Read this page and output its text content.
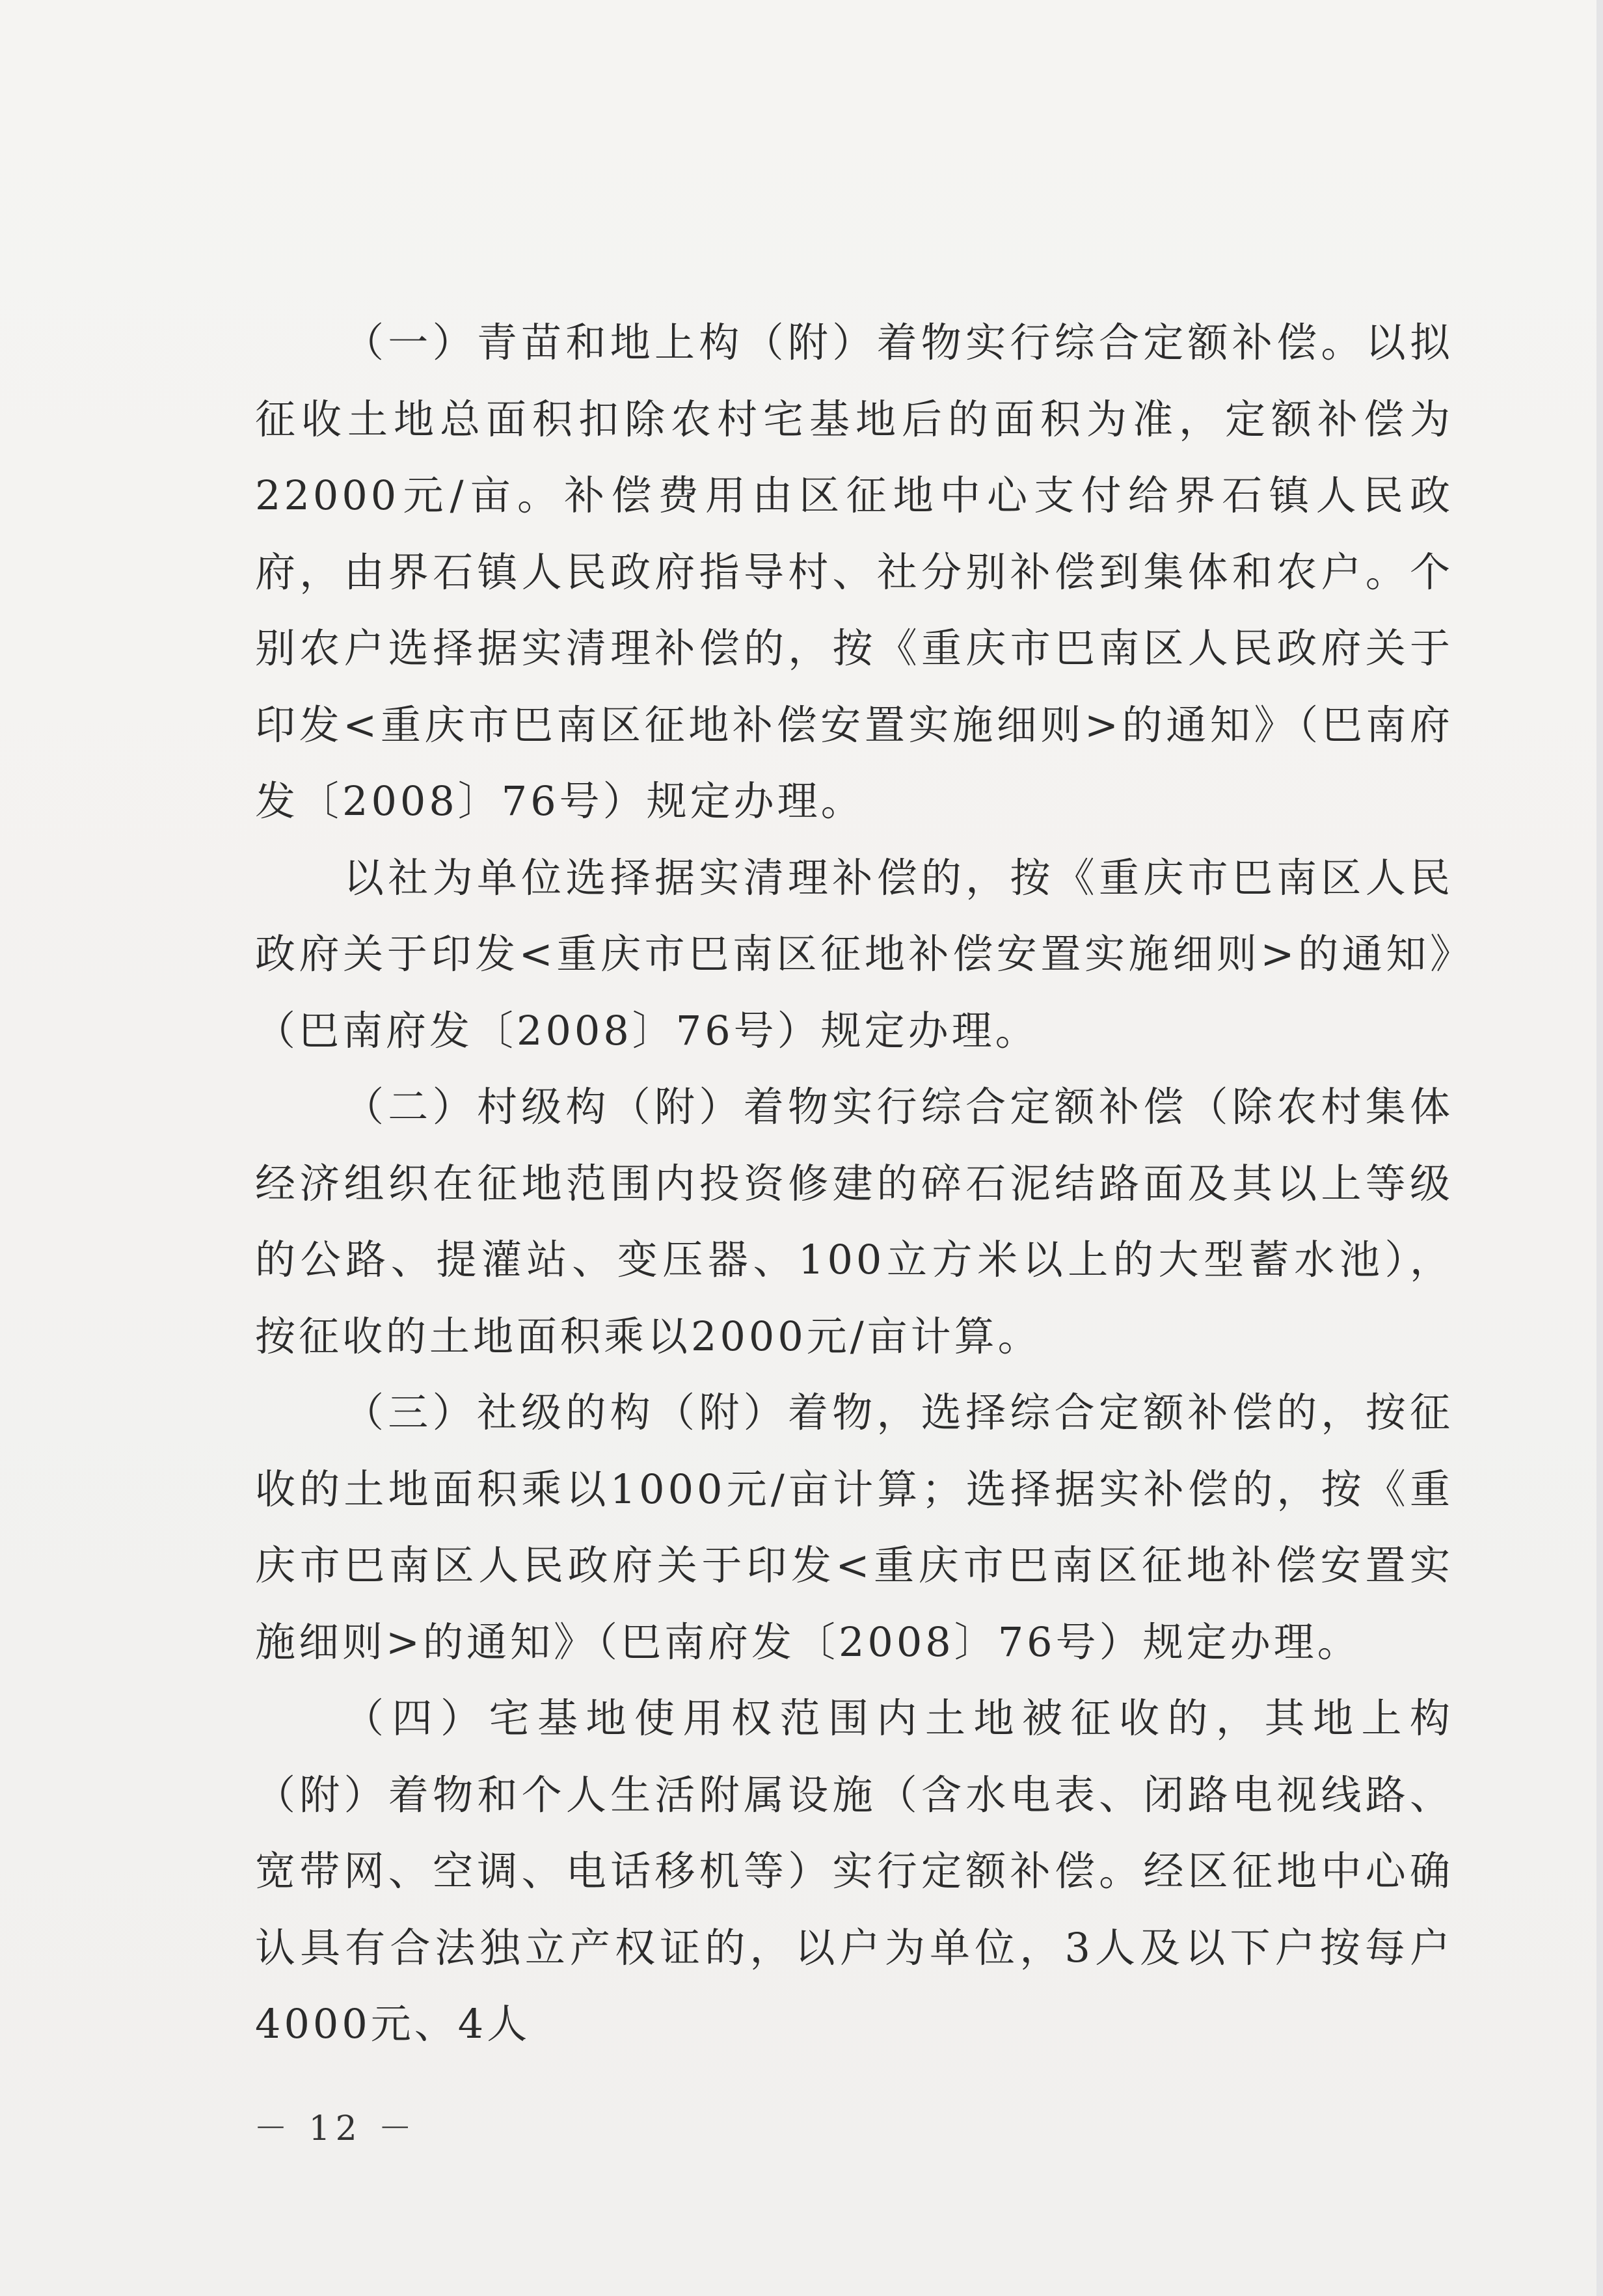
（一）青苗和地上构（附）着物实行综合定额补偿。以拟征收土地总面积扣除农村宅基地后的面积为准，定额补偿为22000元/亩。补偿费用由区征地中心支付给界石镇人民政府，由界石镇人民政府指导村、社分别补偿到集体和农户。个别农户选择据实清理补偿的，按《重庆市巴南区人民政府关于印发<重庆市巴南区征地补偿安置实施细则>的通知》（巴南府发〔2008〕76号）规定办理。

以社为单位选择据实清理补偿的，按《重庆市巴南区人民政府关于印发<重庆市巴南区征地补偿安置实施细则>的通知》（巴南府发〔2008〕76号）规定办理。

（二）村级构（附）着物实行综合定额补偿（除农村集体经济组织在征地范围内投资修建的碎石泥结路面及其以上等级的公路、提灌站、变压器、100立方米以上的大型蓄水池），按征收的土地面积乘以2000元/亩计算。

（三）社级的构（附）着物，选择综合定额补偿的，按征收的土地面积乘以1000元/亩计算；选择据实补偿的，按《重庆市巴南区人民政府关于印发<重庆市巴南区征地补偿安置实施细则>的通知》（巴南府发〔2008〕76号）规定办理。

（四）宅基地使用权范围内土地被征收的，其地上构（附）着物和个人生活附属设施（含水电表、闭路电视线路、宽带网、空调、电话移机等）实行定额补偿。经区征地中心确认具有合法独立产权证的，以户为单位，3人及以下户按每户4000元、4人

－ 12 －
